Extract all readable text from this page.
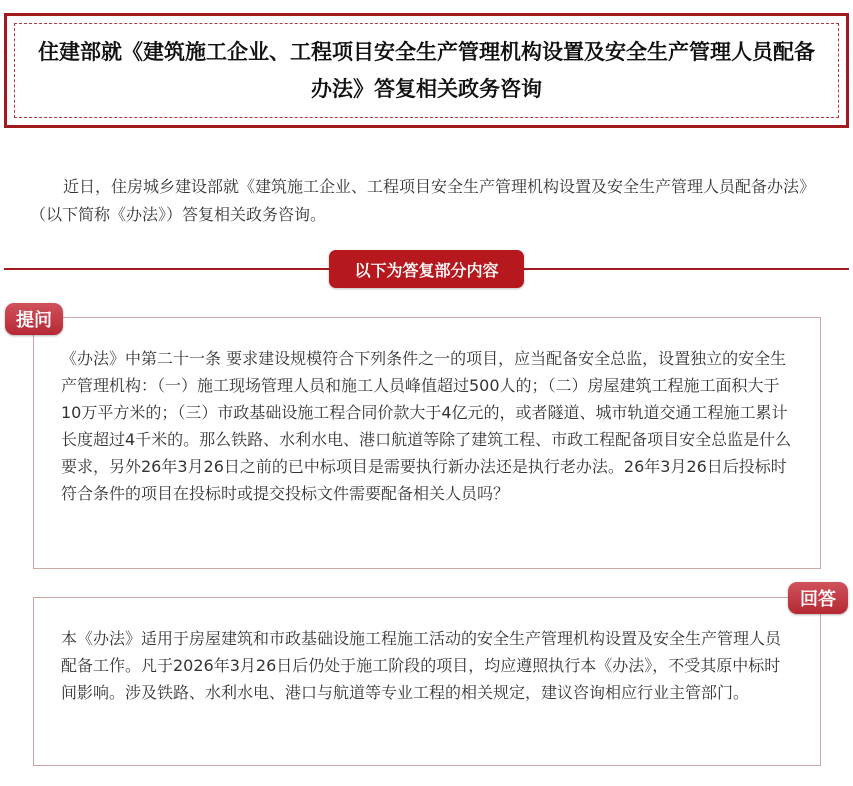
住建部就《建筑施工企业、工程项目安全生产管理机构设置及安全生产管理人员配备办法》答复相关政务咨询

近日，住房城乡建设部就《建筑施工企业、工程项目安全生产管理机构设置及安全生产管理人员配备办法》（以下简称《办法》）答复相关政务咨询。

以下为答复部分内容
提问

《办法》中第二十一条 要求建设规模符合下列条件之一的项目，应当配备安全总监，设置独立的安全生产管理机构：（一）施工现场管理人员和施工人员峰值超过500人的；（二）房屋建筑工程施工面积大于10万平方米的；（三）市政基础设施工程合同价款大于4亿元的，或者隧道、城市轨道交通工程施工累计长度超过4千米的。那么铁路、水利水电、港口航道等除了建筑工程、市政工程配备项目安全总监是什么要求，另外26年3月26日之前的已中标项目是需要执行新办法还是执行老办法。26年3月26日后投标时符合条件的项目在投标时或提交投标文件需要配备相关人员吗？

回答

本《办法》适用于房屋建筑和市政基础设施工程施工活动的安全生产管理机构设置及安全生产管理人员配备工作。凡于2026年3月26日后仍处于施工阶段的项目，均应遵照执行本《办法》，不受其原中标时间影响。涉及铁路、水利水电、港口与航道等专业工程的相关规定，建议咨询相应行业主管部门。
